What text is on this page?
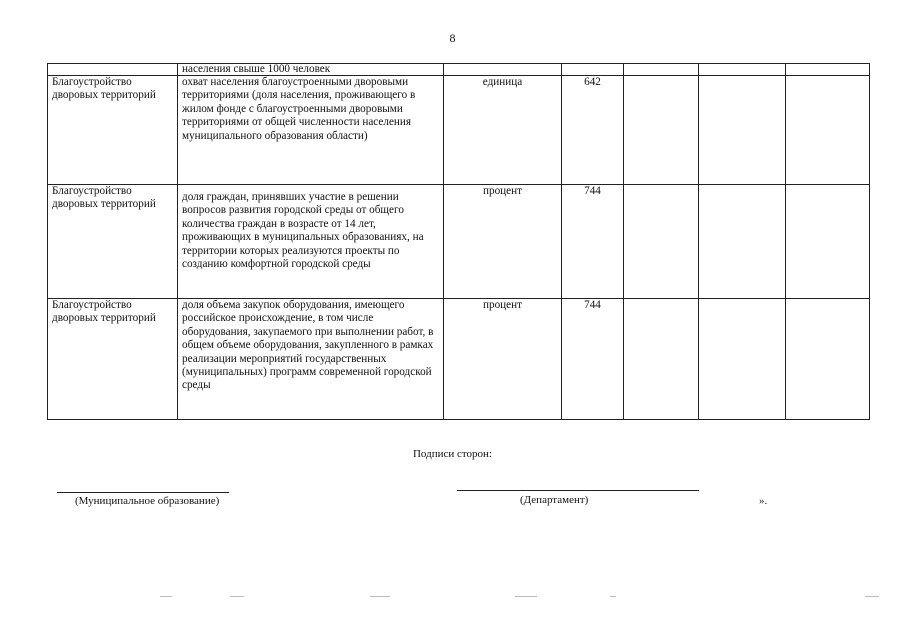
8
	населения свыше 1000 человек					
Благоустройство дворовых территорий	охват населения благоустроенными дворовыми территориями (доля населения, проживающего в жилом фонде с благоустроенными дворовыми территориями от общей численности населения муниципального образования области)	единица	642			
Благоустройство дворовых территорий	доля граждан, принявших участие в решении вопросов развития городской среды от общего количества граждан в возрасте от 14 лет, проживающих в муниципальных образованиях, на территории которых реализуются проекты по созданию комфортной городской среды	процент	744			
Благоустройство дворовых территорий	доля объема закупок оборудования, имеющего российское происхождение, в том числе оборудования, закупаемого при выполнении работ, в общем объеме оборудования, закупленного в рамках реализации мероприятий государственных (муниципальных) программ современной городской среды	процент	744			
Подписи сторон:
(Муниципальное образование)	(Департамент)	».
